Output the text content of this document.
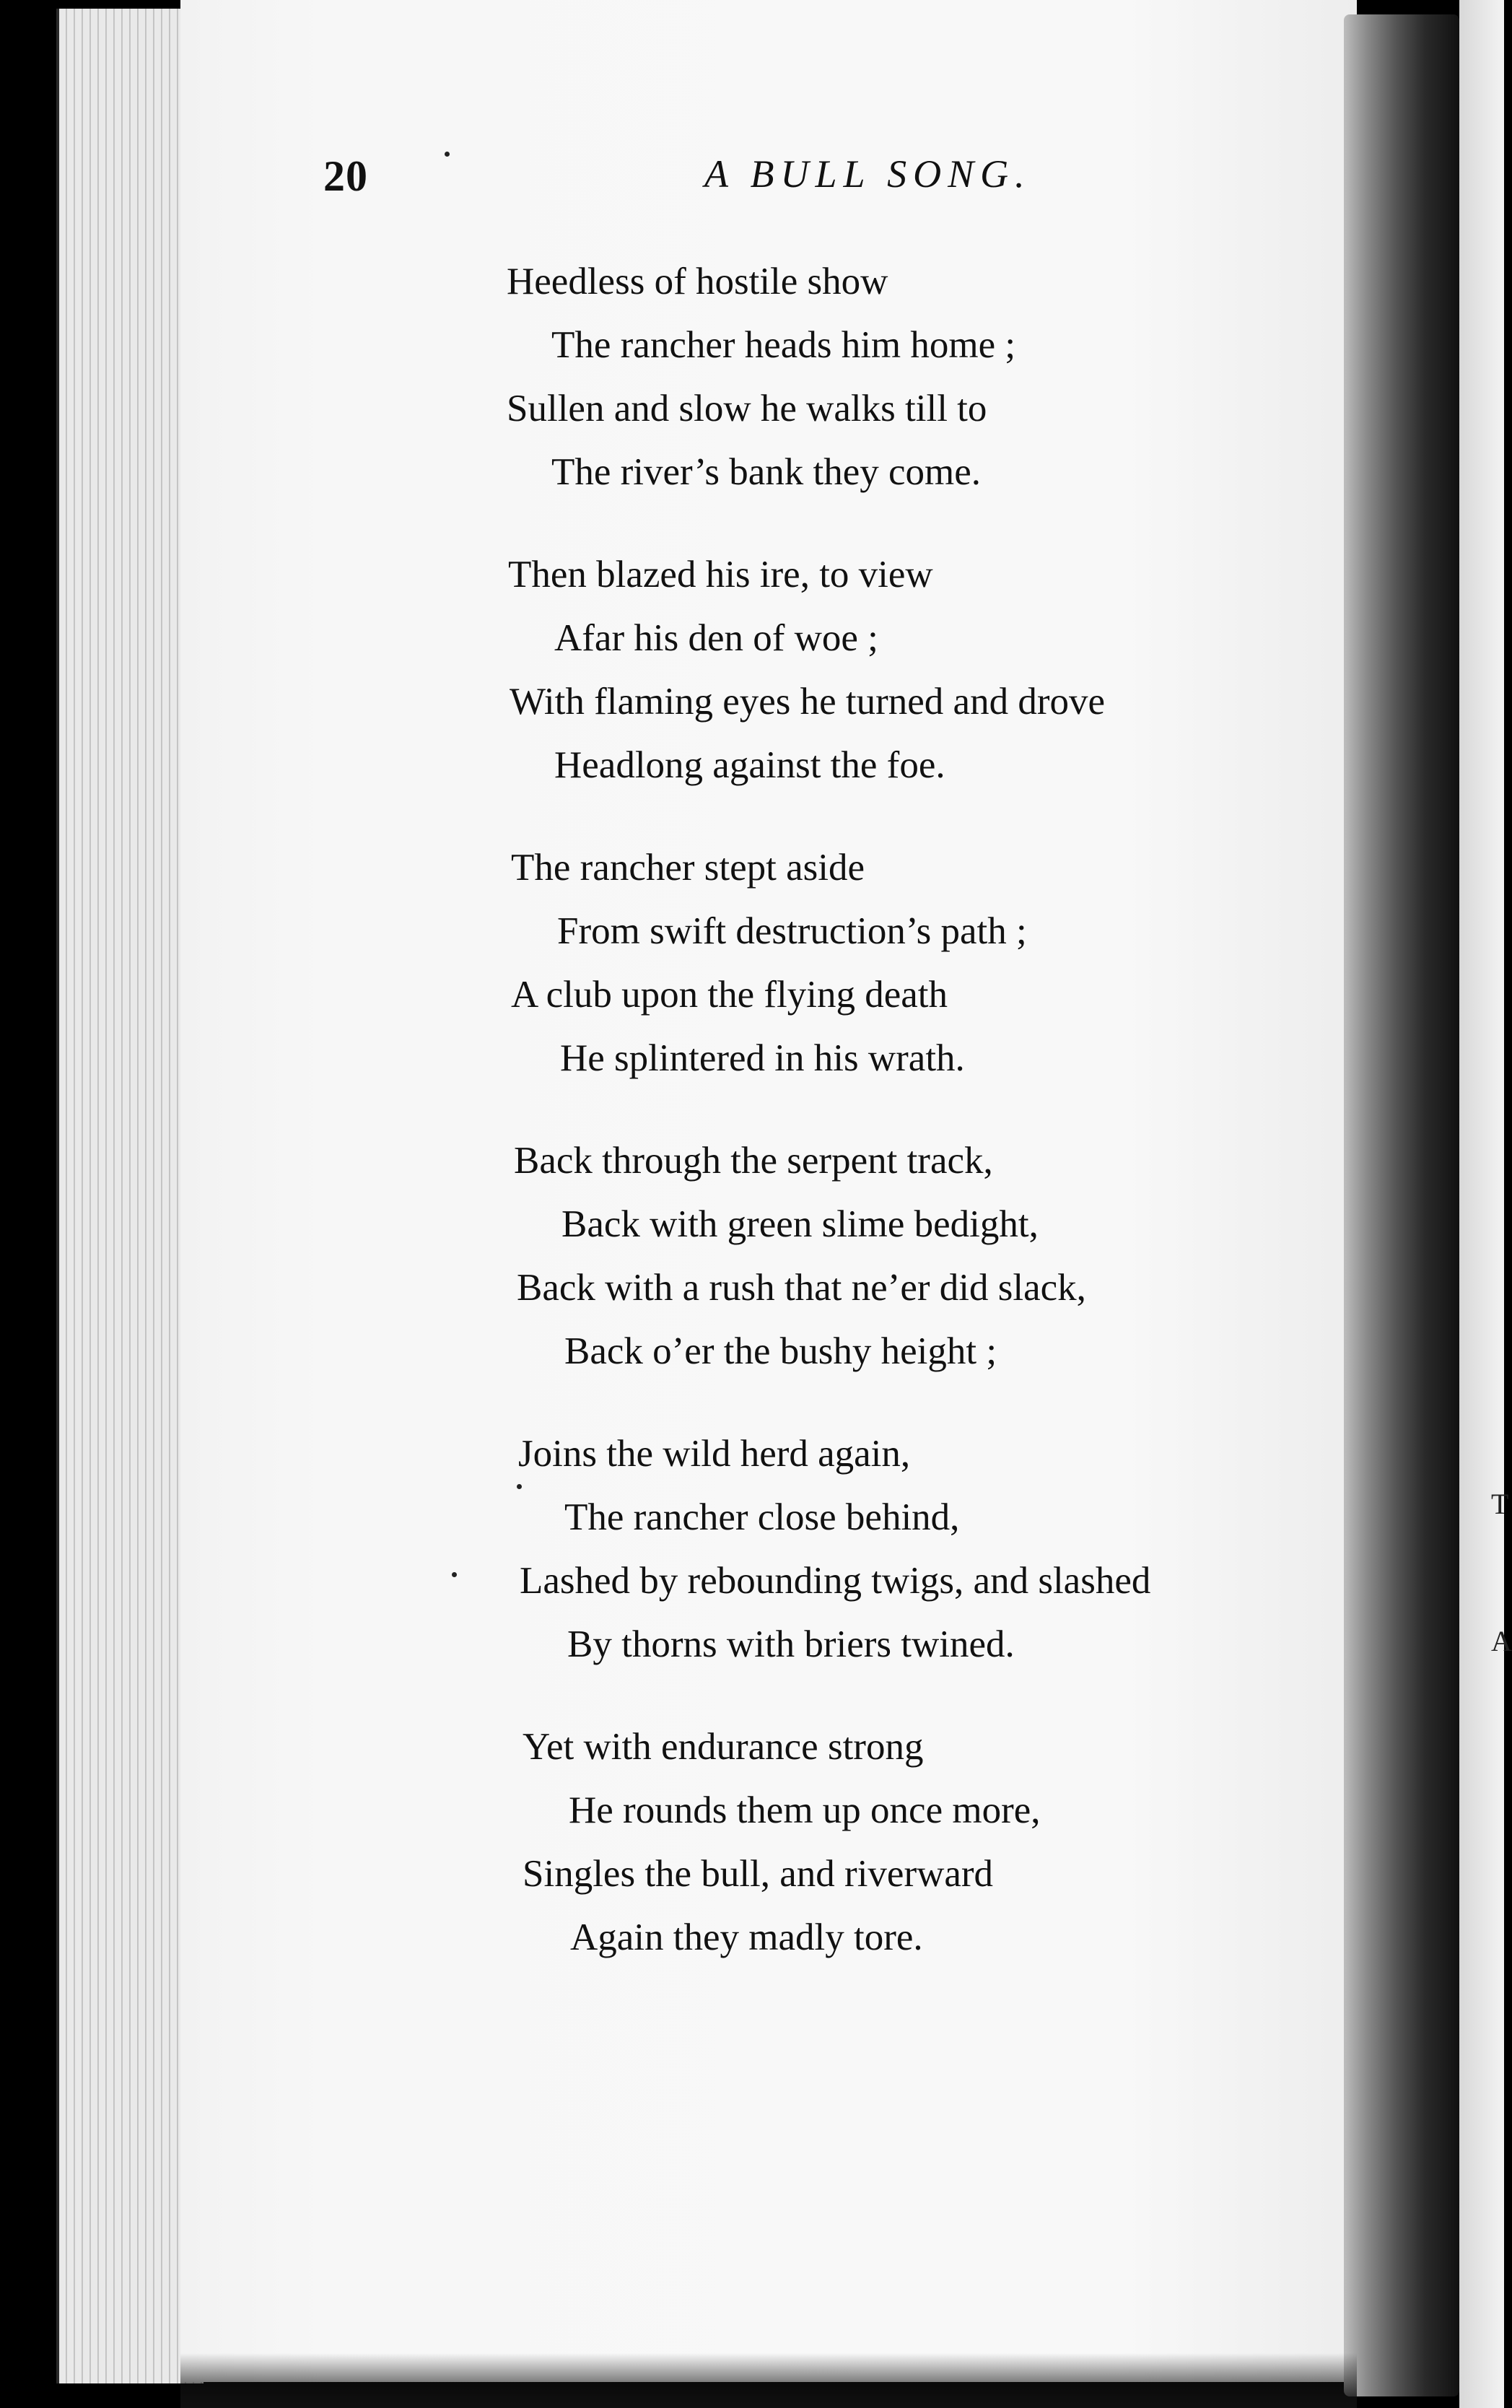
T
A
20	A BULL SONG.
Heedless of hostile show
The rancher heads him home ;
Sullen and slow he walks till to
The river’s bank they come.
Then blazed his ire, to view
Afar his den of woe ;
With flaming eyes he turned and drove
Headlong against the foe.
The rancher stept aside
From swift destruction’s path ;
A club upon the flying death
He splintered in his wrath.
Back through the serpent track,
Back with green slime bedight,
Back with a rush that ne’er did slack,
Back o’er the bushy height ;
Joins the wild herd again,
The rancher close behind,
Lashed by rebounding twigs, and slashed
By thorns with briers twined.
Yet with endurance strong
He rounds them up once more,
Singles the bull, and riverward
Again they madly tore.
